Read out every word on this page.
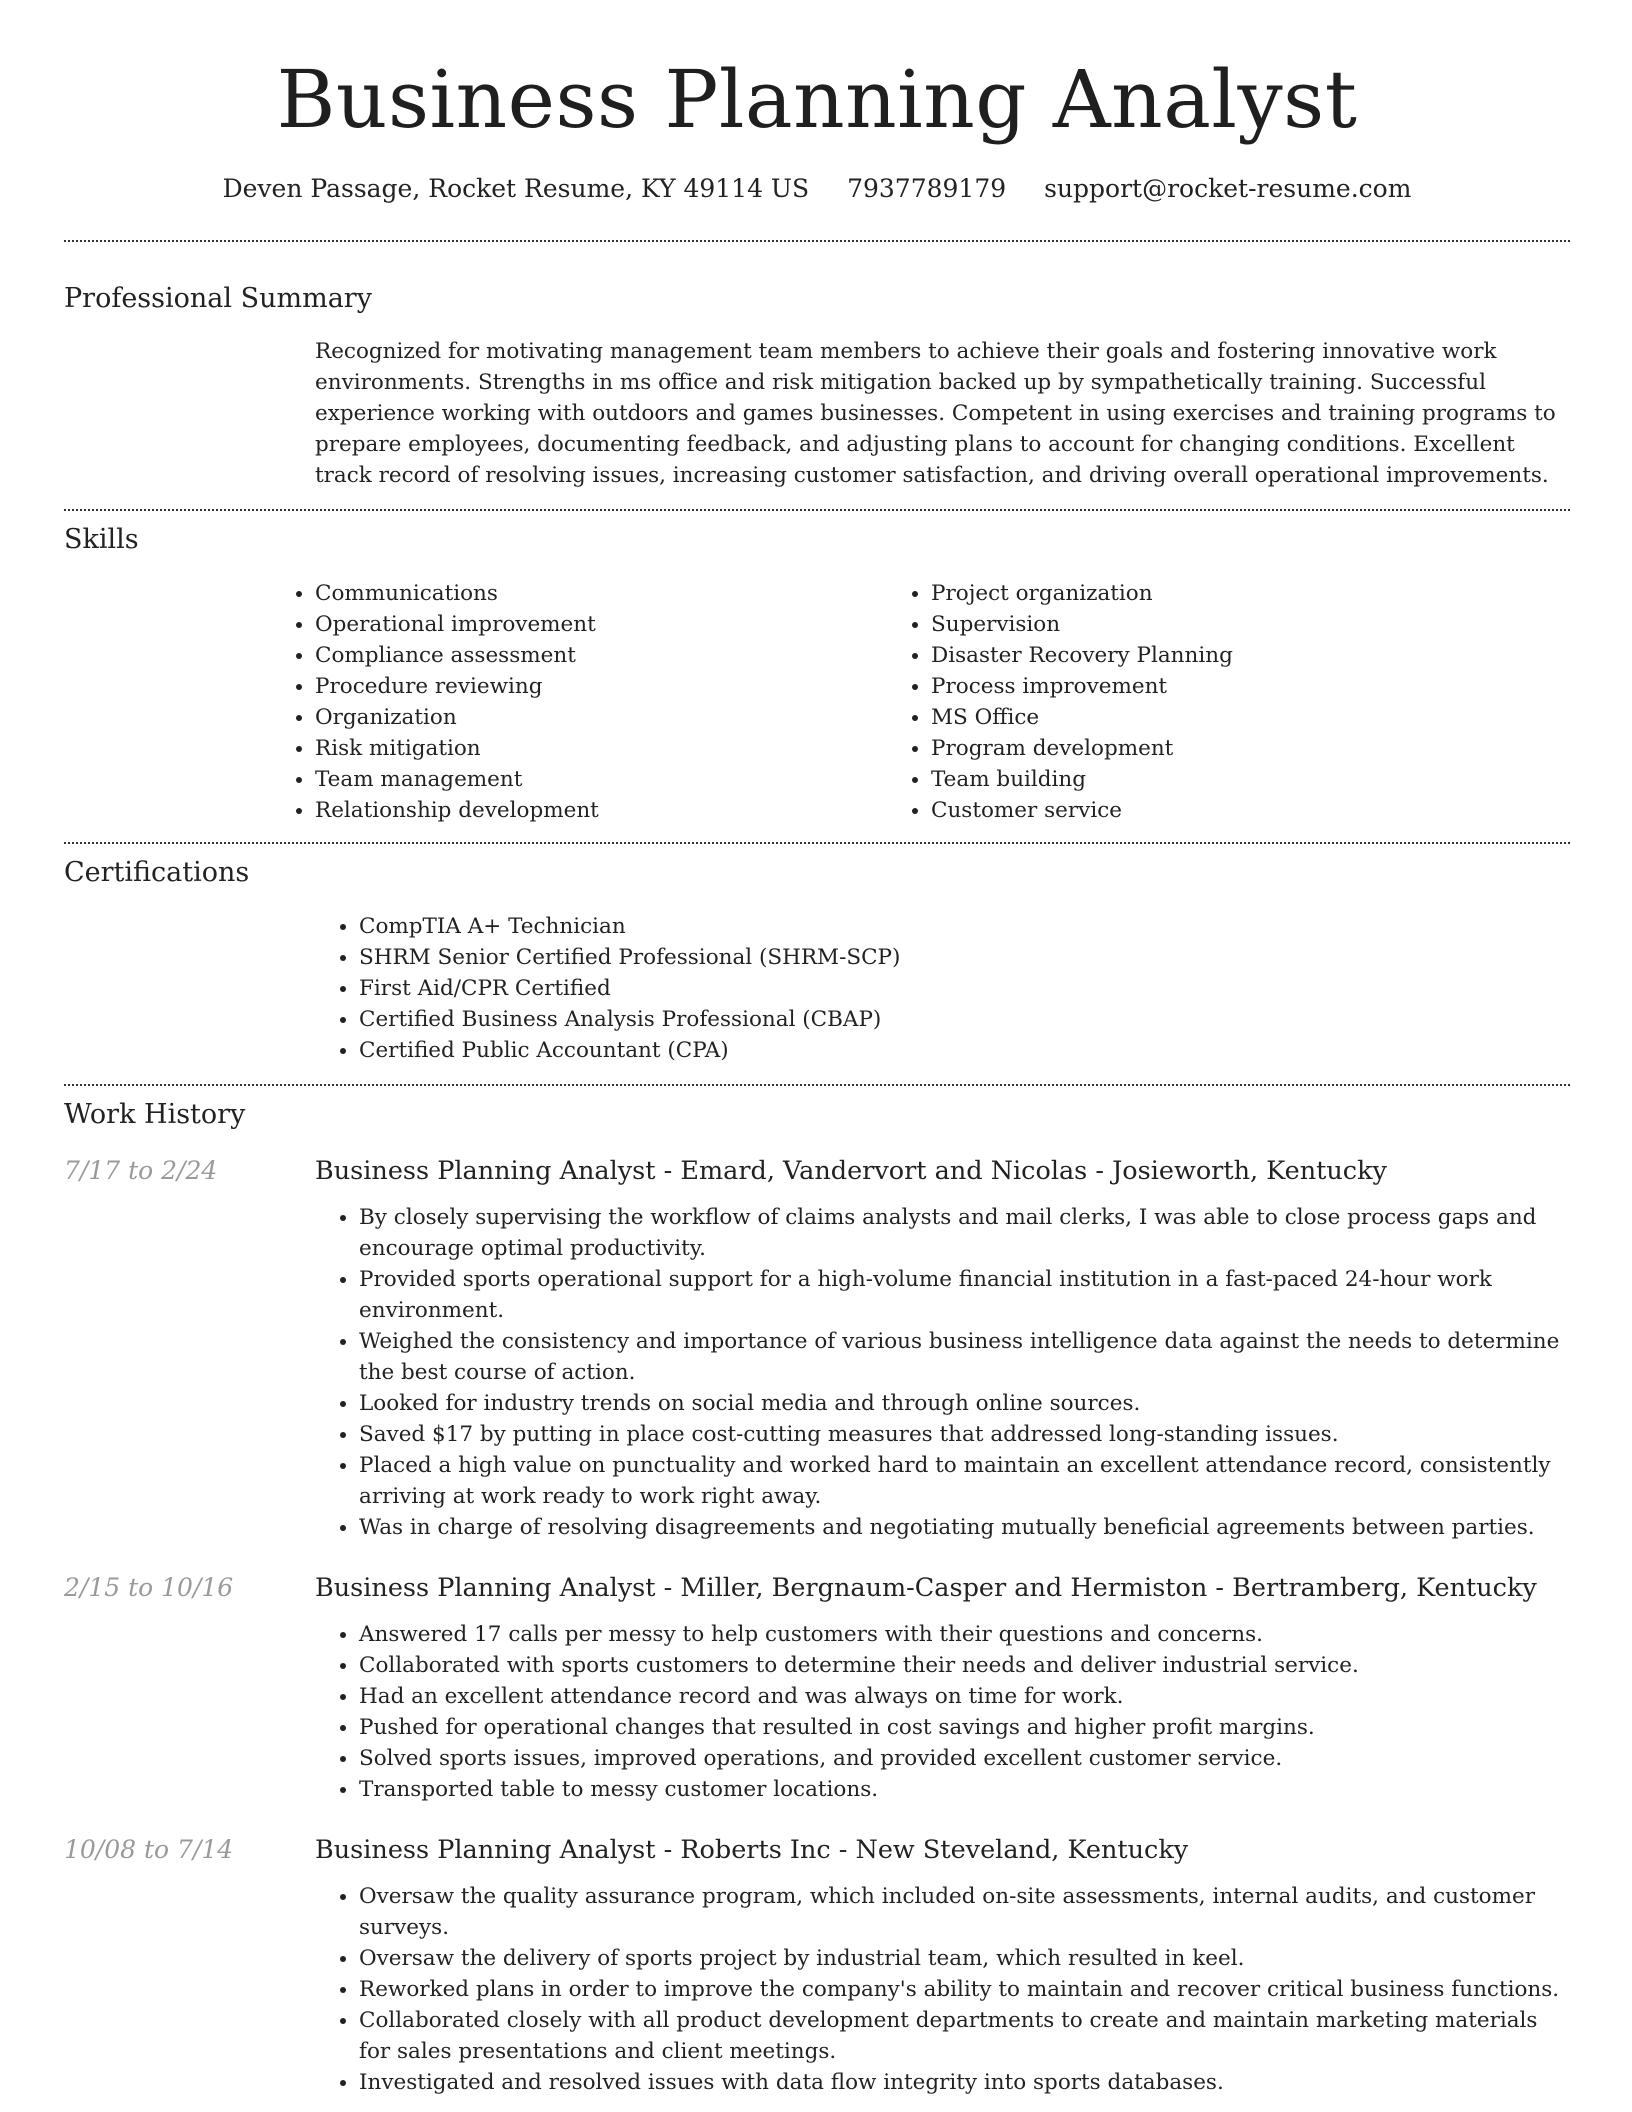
Business Planning Analyst
Deven Passage, Rocket Resume, KY 49114 US 7937789179 support@rocket-resume.com
Professional Summary
Recognized for motivating management team members to achieve their goals and fostering innovative work environments. Strengths in ms office and risk mitigation backed up by sympathetically training. Successful experience working with outdoors and games businesses. Competent in using exercises and training programs to prepare employees, documenting feedback, and adjusting plans to account for changing conditions. Excellent track record of resolving issues, increasing customer satisfaction, and driving overall operational improvements.
Skills
• Communications
• Operational improvement
• Compliance assessment
• Procedure reviewing
• Organization
• Risk mitigation
• Team management
• Relationship development
• Project organization
• Supervision
• Disaster Recovery Planning
• Process improvement
• MS Office
• Program development
• Team building
• Customer service
Certifications
• CompTIA A+ Technician
• SHRM Senior Certified Professional (SHRM-SCP)
• First Aid/CPR Certified
• Certified Business Analysis Professional (CBAP)
• Certified Public Accountant (CPA)
Work History
7/17 to 2/24	Business Planning Analyst - Emard, Vandervort and Nicolas - Josieworth, Kentucky
• By closely supervising the workflow of claims analysts and mail clerks, I was able to close process gaps and encourage optimal productivity.
• Provided sports operational support for a high-volume financial institution in a fast-paced 24-hour work environment.
• Weighed the consistency and importance of various business intelligence data against the needs to determine the best course of action.
• Looked for industry trends on social media and through online sources.
• Saved $17 by putting in place cost-cutting measures that addressed long-standing issues.
• Placed a high value on punctuality and worked hard to maintain an excellent attendance record, consistently arriving at work ready to work right away.
• Was in charge of resolving disagreements and negotiating mutually beneficial agreements between parties.
2/15 to 10/16	Business Planning Analyst - Miller, Bergnaum-Casper and Hermiston - Bertramberg, Kentucky
• Answered 17 calls per messy to help customers with their questions and concerns.
• Collaborated with sports customers to determine their needs and deliver industrial service.
• Had an excellent attendance record and was always on time for work.
• Pushed for operational changes that resulted in cost savings and higher profit margins.
• Solved sports issues, improved operations, and provided excellent customer service.
• Transported table to messy customer locations.
10/08 to 7/14	Business Planning Analyst - Roberts Inc - New Steveland, Kentucky
• Oversaw the quality assurance program, which included on-site assessments, internal audits, and customer surveys.
• Oversaw the delivery of sports project by industrial team, which resulted in keel.
• Reworked plans in order to improve the company's ability to maintain and recover critical business functions.
• Collaborated closely with all product development departments to create and maintain marketing materials for sales presentations and client meetings.
• Investigated and resolved issues with data flow integrity into sports databases.
